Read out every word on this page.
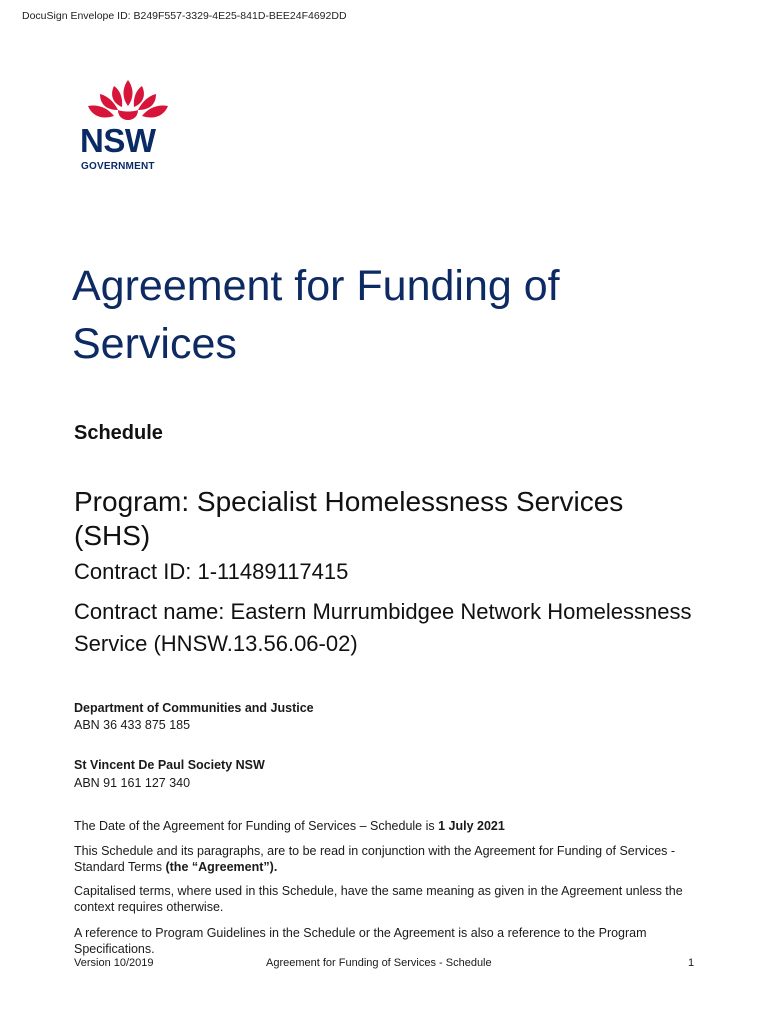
DocuSign Envelope ID: B249F557-3329-4E25-841D-BEE24F4692DD
NSW
GOVERNMENT
Agreement for Funding of Services
Schedule
Program: Specialist Homelessness Services (SHS)
Contract ID: 1-11489117415
Contract name: Eastern Murrumbidgee Network Homelessness Service (HNSW.13.56.06-02)
Department of Communities and Justice
ABN 36 433 875 185
St Vincent De Paul Society NSW
ABN 91 161 127 340
The Date of the Agreement for Funding of Services – Schedule is 1 July 2021
This Schedule and its paragraphs, are to be read in conjunction with the Agreement for Funding of Services - Standard Terms (the “Agreement”).
Capitalised terms, where used in this Schedule, have the same meaning as given in the Agreement unless the context requires otherwise.
A reference to Program Guidelines in the Schedule or the Agreement is also a reference to the Program Specifications.
Version 10/2019	Agreement for Funding of Services - Schedule	1
